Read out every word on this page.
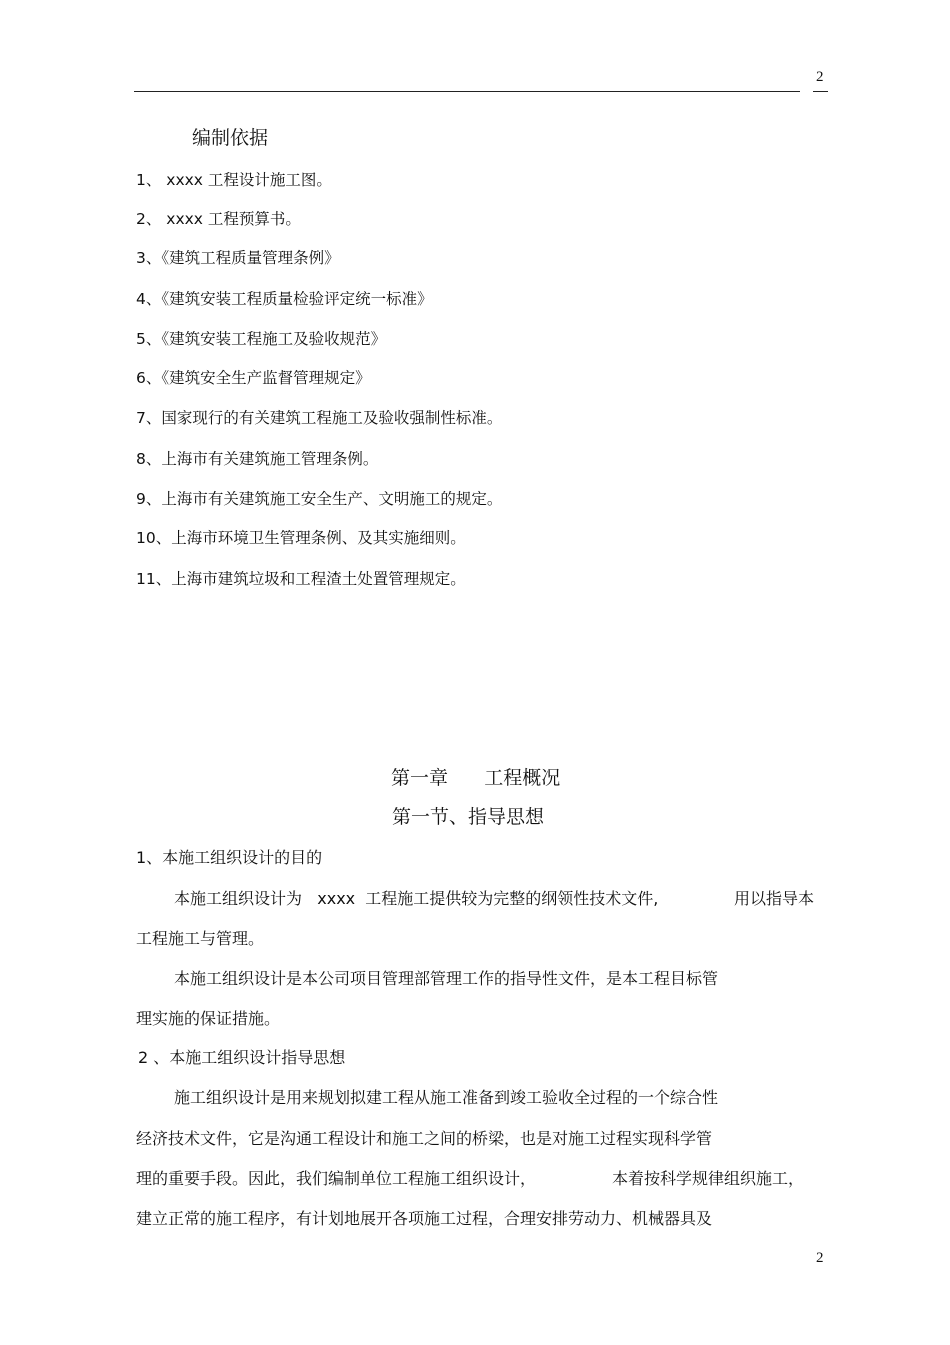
2
编制依据
1、 xxxx 工程设计施工图。
2、 xxxx 工程预算书。
3、《建筑工程质量管理条例》
4、《建筑安装工程质量检验评定统一标准》
5、《建筑安装工程施工及验收规范》
6、《建筑安全生产监督管理规定》
7、国家现行的有关建筑工程施工及验收强制性标准。
8、上海市有关建筑施工管理条例。
9、上海市有关建筑施工安全生产、文明施工的规定。
10、上海市环境卫生管理条例、及其实施细则。
11、上海市建筑垃圾和工程渣土处置管理规定。
第一章      工程概况
第一节、指导思想
1、本施工组织设计的目的
本施工组织设计为   xxxx  工程施工提供较为完整的纲领性技术文件,	用以指导本
工程施工与管理。
本施工组织设计是本公司项目管理部管理工作的指导性文件，是本工程目标管
理实施的保证措施。
2 、本施工组织设计指导思想
施工组织设计是用来规划拟建工程从施工准备到竣工验收全过程的一个综合性
经济技术文件，它是沟通工程设计和施工之间的桥梁，也是对施工过程实现科学管
理的重要手段。因此，我们编制单位工程施工组织设计，	本着按科学规律组织施工，
建立正常的施工程序，有计划地展开各项施工过程，合理安排劳动力、机械器具及
2
